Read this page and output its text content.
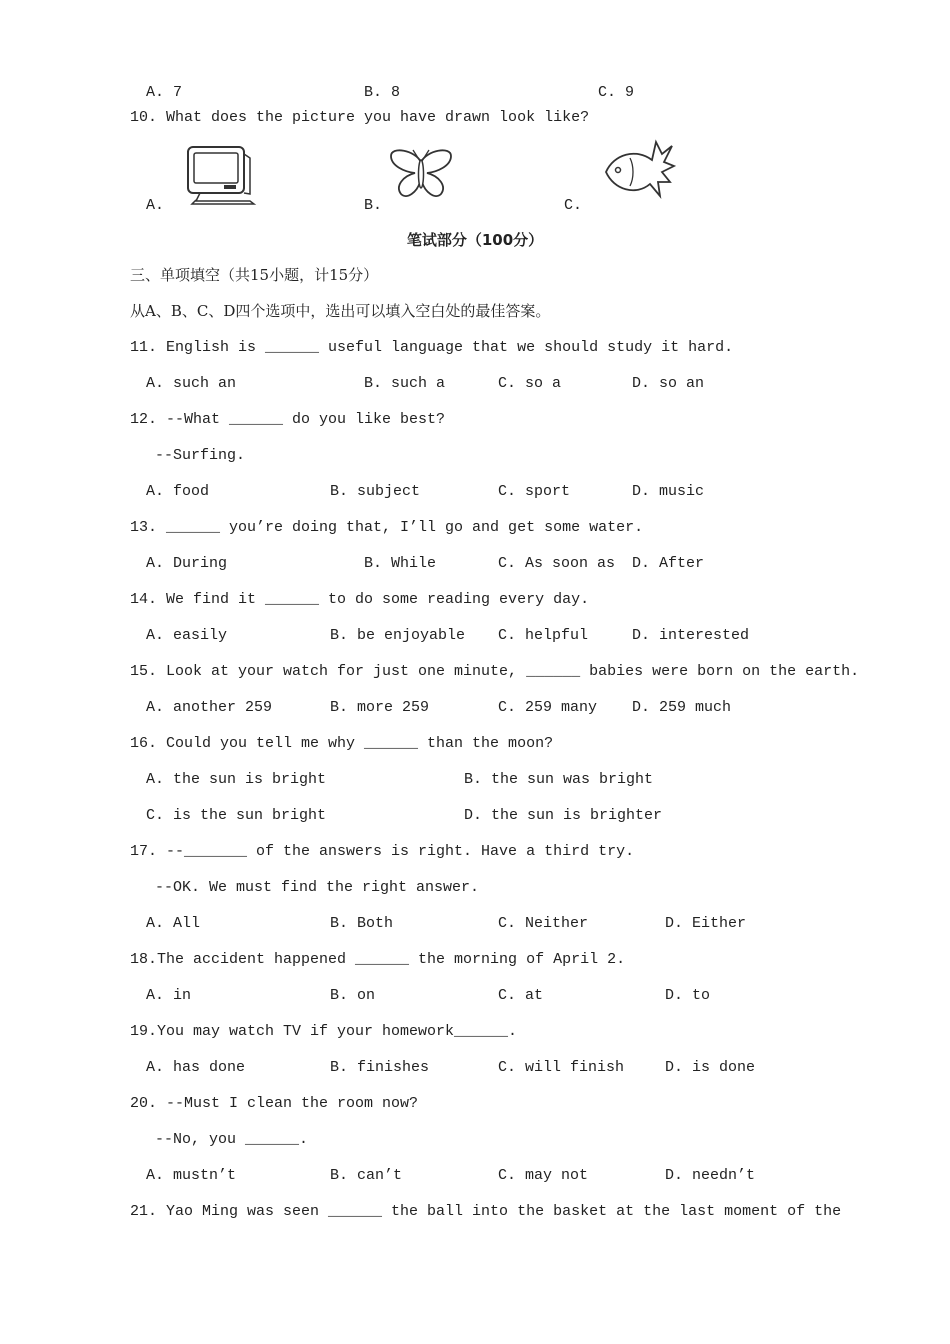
A. 7	B. 8	C. 9
10. What does the picture you have drawn look like?
A.	B.	C.
笔试部分（100分）
三、单项填空（共15小题，计15分）
从A、B、C、D四个选项中，选出可以填入空白处的最佳答案。
11. English is ______ useful language that we should study it hard.
A. such an	B. such a	C. so a	D. so an
12. --What ______ do you like best?
--Surfing.
A. food	B. subject	C. sport	D. music
13. ______ you’re doing that, I’ll go and get some water.
A. During	B. While	C. As soon as D. After
14. We find it ______ to do some reading every day.
A. easily	B. be enjoyable C. helpful	D. interested
15. Look at your watch for just one minute, ______ babies were born on the earth.
A. another 259	B. more 259	C. 259 many D. 259 much
16. Could you tell me why ______ than the moon?
A. the sun is bright	B. the sun was bright
C. is the sun bright	D. the sun is brighter
17. --_______ of the answers is right. Have a third try.
--OK. We must find the right answer.
A. All	B. Both	C. Neither	D. Either
18.The accident happened ______ the morning of April 2.
A. in	B. on	C. at	D. to
19.You may watch TV if your homework______.
A. has done	B. finishes	C. will finish	D. is done
20. --Must I clean the room now?
--No, you ______.
A. mustn’t	B. can’t	C. may not	D. needn’t
21. Yao Ming was seen ______ the ball into the basket at the last moment of the
